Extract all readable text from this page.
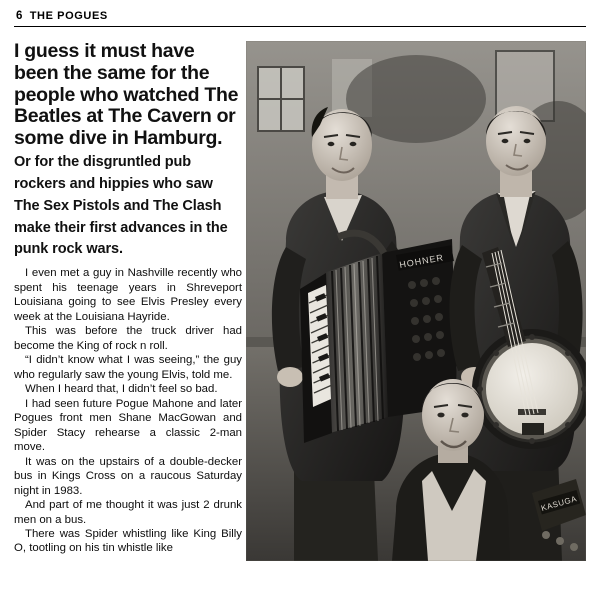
6 THE POGUES

I guess it must have been the same for the people who watched The Beatles at The Cavern or some dive in Hamburg. Or for the disgruntled pub rockers and hippies who saw The Sex Pistols and The Clash make their first advances in the punk rock wars.

I even met a guy in Nashville recently who spent his teenage years in Shreveport Louisiana going to see Elvis Presley every week at the Louisiana Hayride.

This was before the truck driver had become the King of rock n roll.

“I didn’t know what I was seeing,” the guy who regularly saw the young Elvis, told me.

When I heard that, I didn’t feel so bad.

I had seen future Pogue Mahone and later Pogues front men Shane MacGowan and Spider Stacy rehearse a classic 2-man move.

It was on the upstairs of a double-decker bus in Kings Cross on a raucous Saturday night in 1983.

And part of me thought it was just 2 drunk men on a bus.

There was Spider whistling like King Billy O, tootling on his tin whistle like

HOHNER
KASUGA
